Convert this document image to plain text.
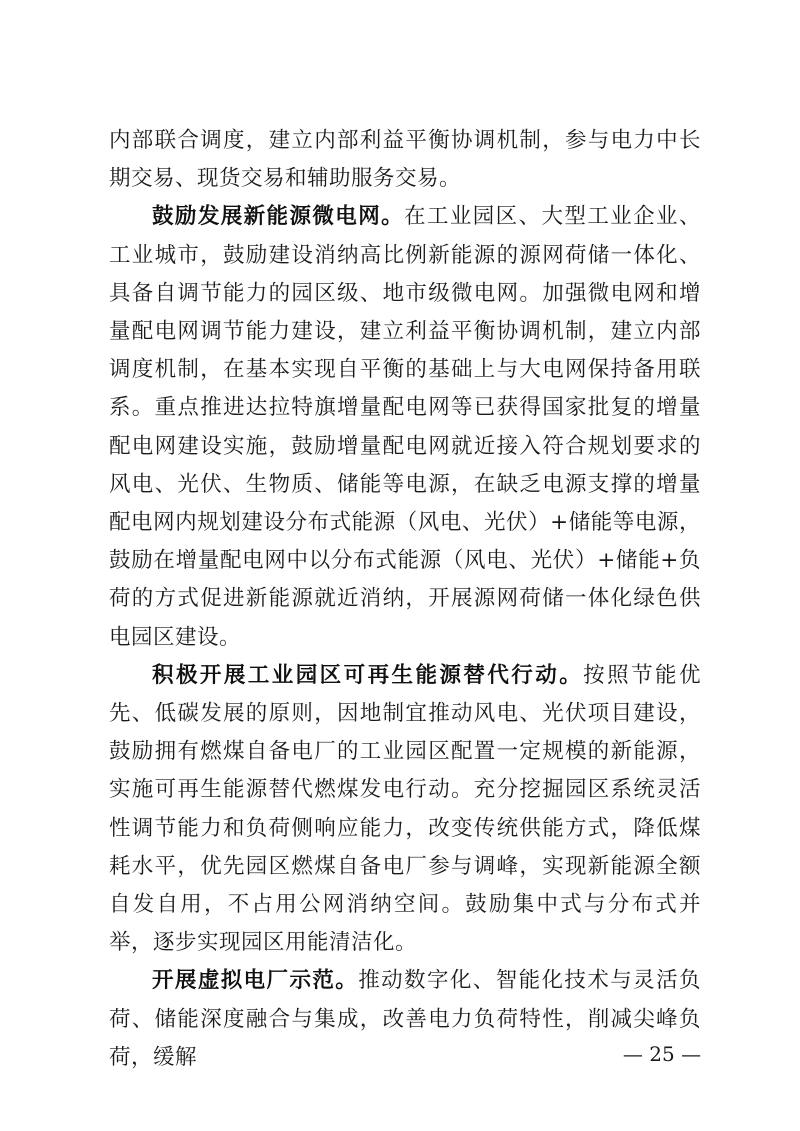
内部联合调度，建立内部利益平衡协调机制，参与电力中长期交易、现货交易和辅助服务交易。

鼓励发展新能源微电网。在工业园区、大型工业企业、工业城市，鼓励建设消纳高比例新能源的源网荷储一体化、具备自调节能力的园区级、地市级微电网。加强微电网和增量配电网调节能力建设，建立利益平衡协调机制，建立内部调度机制，在基本实现自平衡的基础上与大电网保持备用联系。重点推进达拉特旗增量配电网等已获得国家批复的增量配电网建设实施，鼓励增量配电网就近接入符合规划要求的风电、光伏、生物质、储能等电源，在缺乏电源支撑的增量配电网内规划建设分布式能源（风电、光伏）+储能等电源，鼓励在增量配电网中以分布式能源（风电、光伏）+储能+负荷的方式促进新能源就近消纳，开展源网荷储一体化绿色供电园区建设。

积极开展工业园区可再生能源替代行动。按照节能优先、低碳发展的原则，因地制宜推动风电、光伏项目建设，鼓励拥有燃煤自备电厂的工业园区配置一定规模的新能源，实施可再生能源替代燃煤发电行动。充分挖掘园区系统灵活性调节能力和负荷侧响应能力，改变传统供能方式，降低煤耗水平，优先园区燃煤自备电厂参与调峰，实现新能源全额自发自用，不占用公网消纳空间。鼓励集中式与分布式并举，逐步实现园区用能清洁化。

开展虚拟电厂示范。推动数字化、智能化技术与灵活负荷、储能深度融合与集成，改善电力负荷特性，削减尖峰负荷，缓解	— 25 —
